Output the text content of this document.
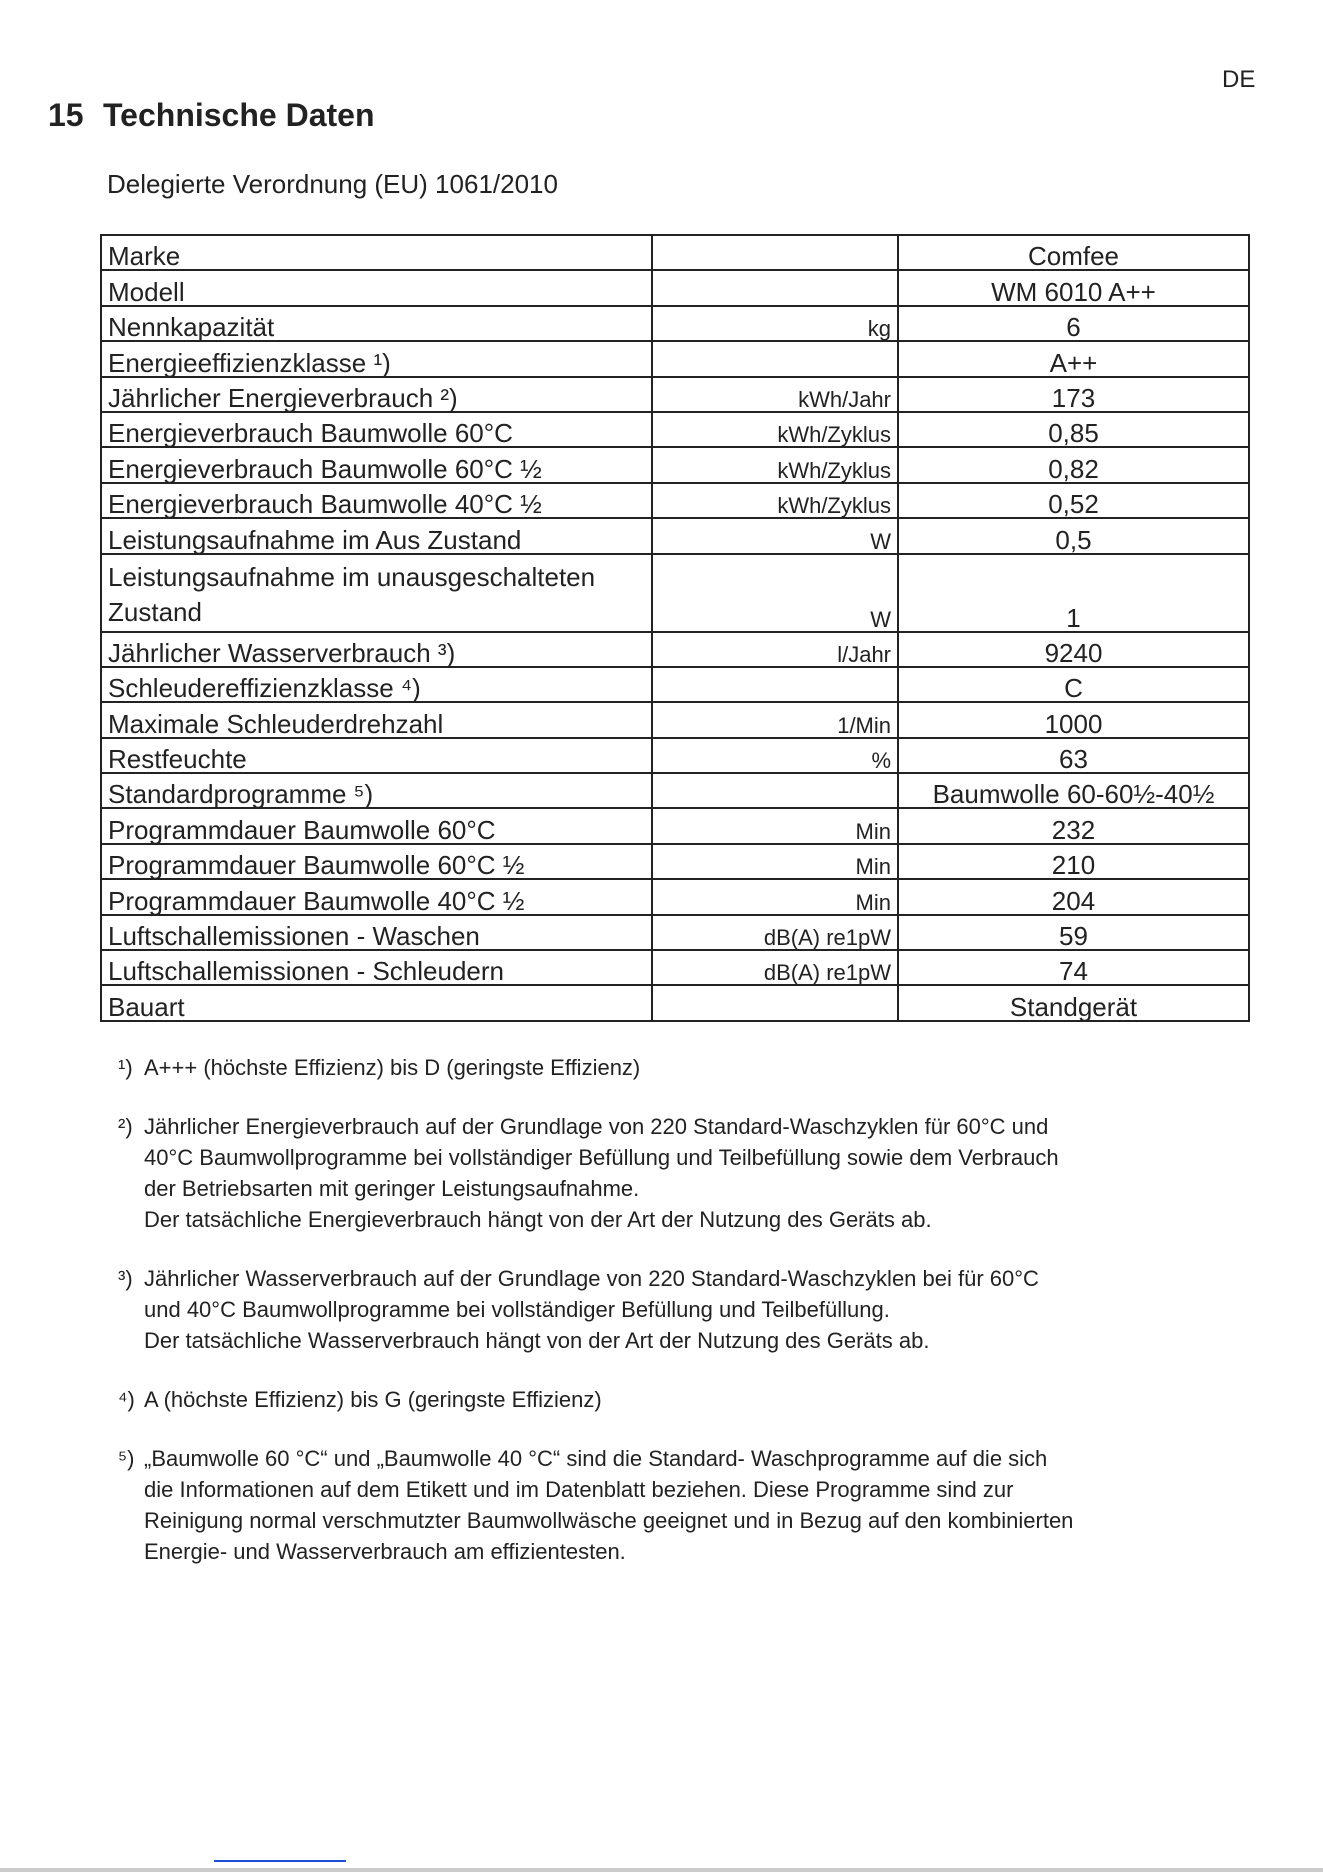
DE
15 Technische Daten
Delegierte Verordnung (EU) 1061/2010
Marke		Comfee
Modell		WM 6010 A++
Nennkapazität	kg	6
Energieeffizienzklasse ¹)		A++
Jährlicher Energieverbrauch ²)	kWh/Jahr	173
Energieverbrauch Baumwolle 60°C	kWh/Zyklus	0,85
Energieverbrauch Baumwolle 60°C ½	kWh/Zyklus	0,82
Energieverbrauch Baumwolle 40°C ½	kWh/Zyklus	0,52
Leistungsaufnahme im Aus Zustand	W	0,5
Leistungsaufnahme im unausgeschalteten Zustand	W	1
Jährlicher Wasserverbrauch ³)	l/Jahr	9240
Schleudereffizienzklasse ⁴)		C
Maximale Schleuderdrehzahl	1/Min	1000
Restfeuchte	%	63
Standardprogramme ⁵)		Baumwolle 60-60½-40½
Programmdauer Baumwolle 60°C	Min	232
Programmdauer Baumwolle 60°C ½	Min	210
Programmdauer Baumwolle 40°C ½	Min	204
Luftschallemissionen - Waschen	dB(A) re1pW	59
Luftschallemissionen - Schleudern	dB(A) re1pW	74
Bauart		Standgerät
¹) A+++ (höchste Effizienz) bis D (geringste Effizienz)
²) Jährlicher Energieverbrauch auf der Grundlage von 220 Standard-Waschzyklen für 60°C und
40°C Baumwollprogramme bei vollständiger Befüllung und Teilbefüllung sowie dem Verbrauch
der Betriebsarten mit geringer Leistungsaufnahme.
Der tatsächliche Energieverbrauch hängt von der Art der Nutzung des Geräts ab.
³) Jährlicher Wasserverbrauch auf der Grundlage von 220 Standard-Waschzyklen bei für 60°C
und 40°C Baumwollprogramme bei vollständiger Befüllung und Teilbefüllung.
Der tatsächliche Wasserverbrauch hängt von der Art der Nutzung des Geräts ab.
⁴) A (höchste Effizienz) bis G (geringste Effizienz)
⁵) „Baumwolle 60 °C“ und „Baumwolle 40 °C“ sind die Standard- Waschprogramme auf die sich
die Informationen auf dem Etikett und im Datenblatt beziehen. Diese Programme sind zur
Reinigung normal verschmutzter Baumwollwäsche geeignet und in Bezug auf den kombinierten
Energie- und Wasserverbrauch am effizientesten.
